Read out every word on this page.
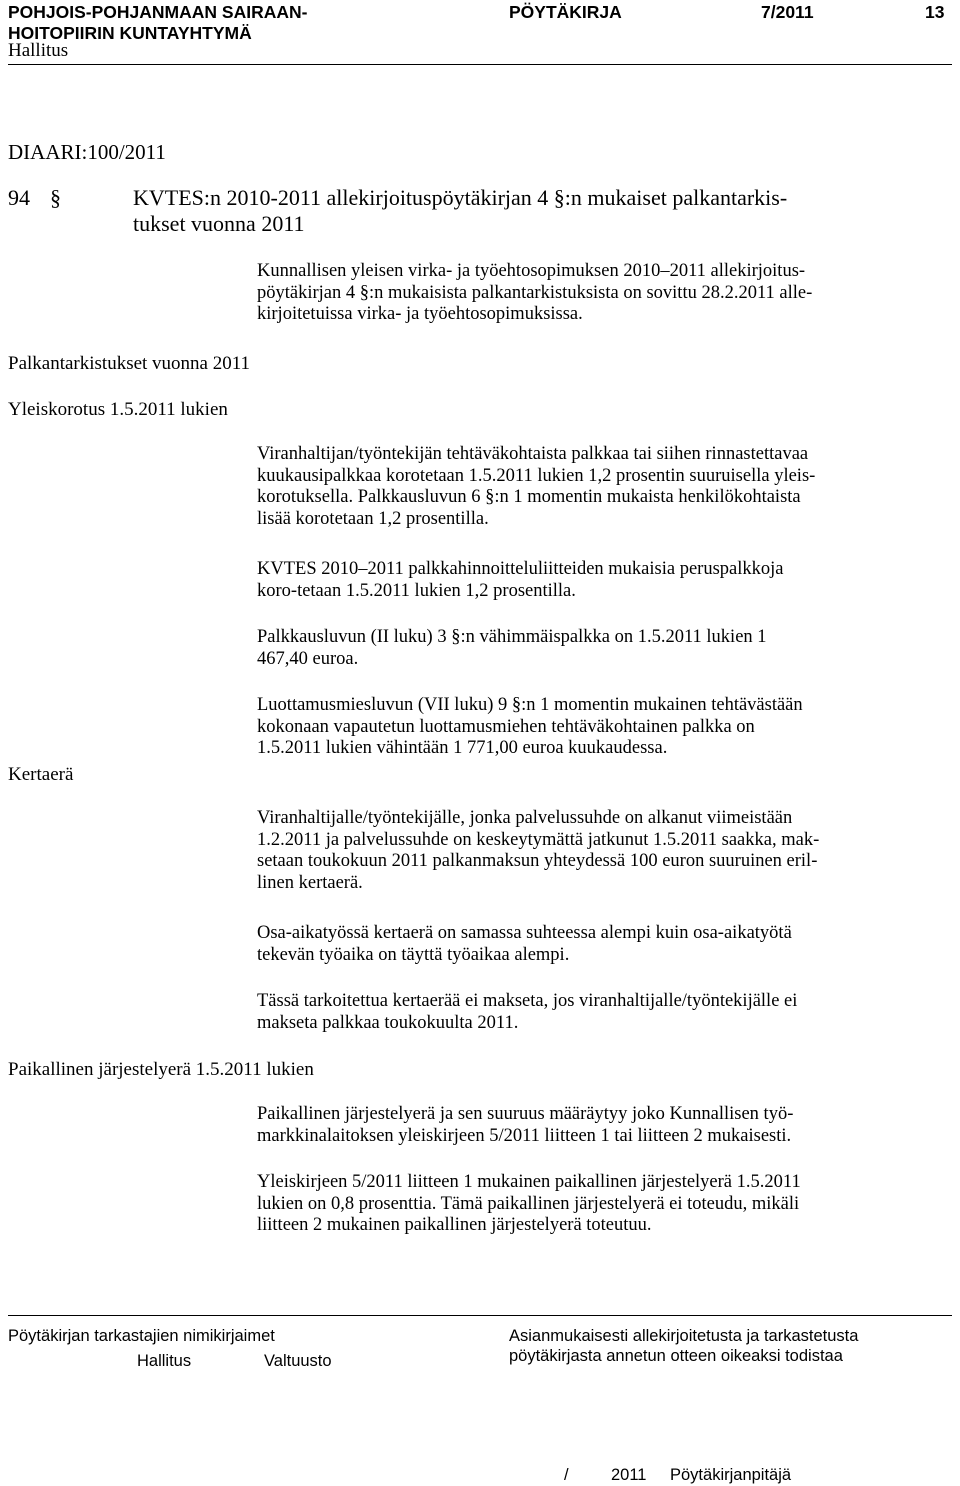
POHJOIS-POHJANMAAN SAIRAAN-
HOITOPIIRIN KUNTAYHTYMÄ
PÖYTÄKIRJA	7/2011	13
Hallitus
DIAARI:100/2011
94 §	KVTES:n 2010-2011 allekirjoituspöytäkirjan 4 §:n mukaiset palkantarkis-
tukset vuonna 2011
Palkantarkistukset vuonna 2011
Yleiskorotus 1.5.2011 lukien
Kertaerä
Paikallinen järjestelyerä 1.5.2011 lukien
Kunnallisen yleisen virka- ja työehtosopimuksen 2010–2011 allekirjoitus-
pöytäkirjan 4 §:n mukaisista palkantarkistuksista on sovittu 28.2.2011 alle-
kirjoitetuissa virka- ja työehtosopimuksissa.
Viranhaltijan/työntekijän tehtäväkohtaista palkkaa tai siihen rinnastettavaa
kuukausipalkkaa korotetaan 1.5.2011 lukien 1,2 prosentin suuruisella yleis-
korotuksella. Palkkausluvun 6 §:n 1 momentin mukaista henkilökohtaista
lisää korotetaan 1,2 prosentilla.
KVTES 2010–2011 palkkahinnoitteluliitteiden mukaisia peruspalkkoja
koro-tetaan 1.5.2011 lukien 1,2 prosentilla.
Palkkausluvun (II luku) 3 §:n vähimmäispalkka on 1.5.2011 lukien 1
467,40 euroa.
Luottamusmiesluvun (VII luku) 9 §:n 1 momentin mukainen tehtävästään
kokonaan vapautetun luottamusmiehen tehtäväkohtainen palkka on
1.5.2011 lukien vähintään 1 771,00 euroa kuukaudessa.
Viranhaltijalle/työntekijälle, jonka palvelussuhde on alkanut viimeistään
1.2.2011 ja palvelussuhde on keskeytymättä jatkunut 1.5.2011 saakka, mak-
setaan toukokuun 2011 palkanmaksun yhteydessä 100 euron suuruinen eril-
linen kertaerä.
Osa-aikatyössä kertaerä on samassa suhteessa alempi kuin osa-aikatyötä
tekevän työaika on täyttä työaikaa alempi.
Tässä tarkoitettua kertaerää ei makseta, jos viranhaltijalle/työntekijälle ei
makseta palkkaa toukokuulta 2011.
Paikallinen järjestelyerä ja sen suuruus määräytyy joko Kunnallisen työ-
markkinalaitoksen yleiskirjeen 5/2011 liitteen 1 tai liitteen 2 mukaisesti.
Yleiskirjeen 5/2011 liitteen 1 mukainen paikallinen järjestelyerä 1.5.2011
lukien on 0,8 prosenttia. Tämä paikallinen järjestelyerä ei toteudu, mikäli
liitteen 2 mukainen paikallinen järjestelyerä toteutuu.
Pöytäkirjan tarkastajien nimikirjaimet
Hallitus	Valtuusto
Asianmukaisesti allekirjoitetusta ja tarkastetusta
pöytäkirjasta annetun otteen oikeaksi todistaa
/	2011 Pöytäkirjanpitäjä
